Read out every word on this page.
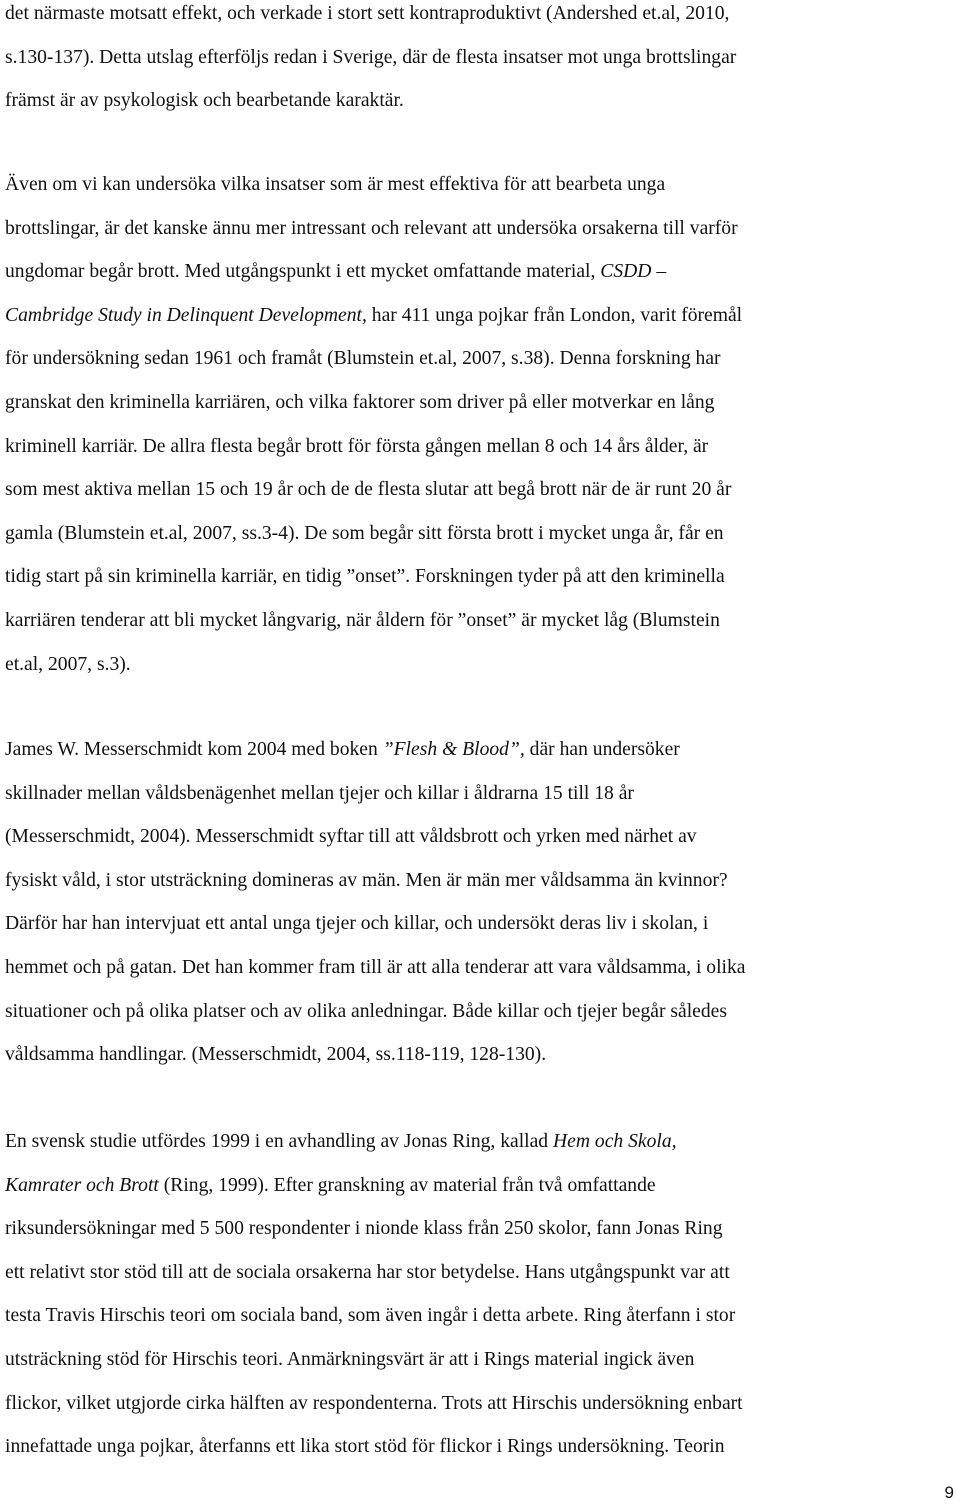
det närmaste motsatt effekt, och verkade i stort sett kontraproduktivt (Andershed et.al, 2010,
s.130-137). Detta utslag efterföljs redan i Sverige, där de flesta insatser mot unga brottslingar
främst är av psykologisk och bearbetande karaktär.
Även om vi kan undersöka vilka insatser som är mest effektiva för att bearbeta unga
brottslingar, är det kanske ännu mer intressant och relevant att undersöka orsakerna till varför
ungdomar begår brott. Med utgångspunkt i ett mycket omfattande material, CSDD –
Cambridge Study in Delinquent Development, har 411 unga pojkar från London, varit föremål
för undersökning sedan 1961 och framåt (Blumstein et.al, 2007, s.38). Denna forskning har
granskat den kriminella karriären, och vilka faktorer som driver på eller motverkar en lång
kriminell karriär. De allra flesta begår brott för första gången mellan 8 och 14 års ålder, är
som mest aktiva mellan 15 och 19 år och de de flesta slutar att begå brott när de är runt 20 år
gamla (Blumstein et.al, 2007, ss.3-4). De som begår sitt första brott i mycket unga år, får en
tidig start på sin kriminella karriär, en tidig ”onset”. Forskningen tyder på att den kriminella
karriären tenderar att bli mycket långvarig, när åldern för ”onset” är mycket låg (Blumstein
et.al, 2007, s.3).
James W. Messerschmidt kom 2004 med boken ”Flesh & Blood”, där han undersöker
skillnader mellan våldsbenägenhet mellan tjejer och killar i åldrarna 15 till 18 år
(Messerschmidt, 2004). Messerschmidt syftar till att våldsbrott och yrken med närhet av
fysiskt våld, i stor utsträckning domineras av män. Men är män mer våldsamma än kvinnor?
Därför har han intervjuat ett antal unga tjejer och killar, och undersökt deras liv i skolan, i
hemmet och på gatan. Det han kommer fram till är att alla tenderar att vara våldsamma, i olika
situationer och på olika platser och av olika anledningar. Både killar och tjejer begår således
våldsamma handlingar. (Messerschmidt, 2004, ss.118-119, 128-130).
En svensk studie utfördes 1999 i en avhandling av Jonas Ring, kallad Hem och Skola,
Kamrater och Brott (Ring, 1999). Efter granskning av material från två omfattande
riksundersökningar med 5 500 respondenter i nionde klass från 250 skolor, fann Jonas Ring
ett relativt stor stöd till att de sociala orsakerna har stor betydelse. Hans utgångspunkt var att
testa Travis Hirschis teori om sociala band, som även ingår i detta arbete. Ring återfann i stor
utsträckning stöd för Hirschis teori. Anmärkningsvärt är att i Rings material ingick även
flickor, vilket utgjorde cirka hälften av respondenterna. Trots att Hirschis undersökning enbart
innefattade unga pojkar, återfanns ett lika stort stöd för flickor i Rings undersökning. Teorin
9
